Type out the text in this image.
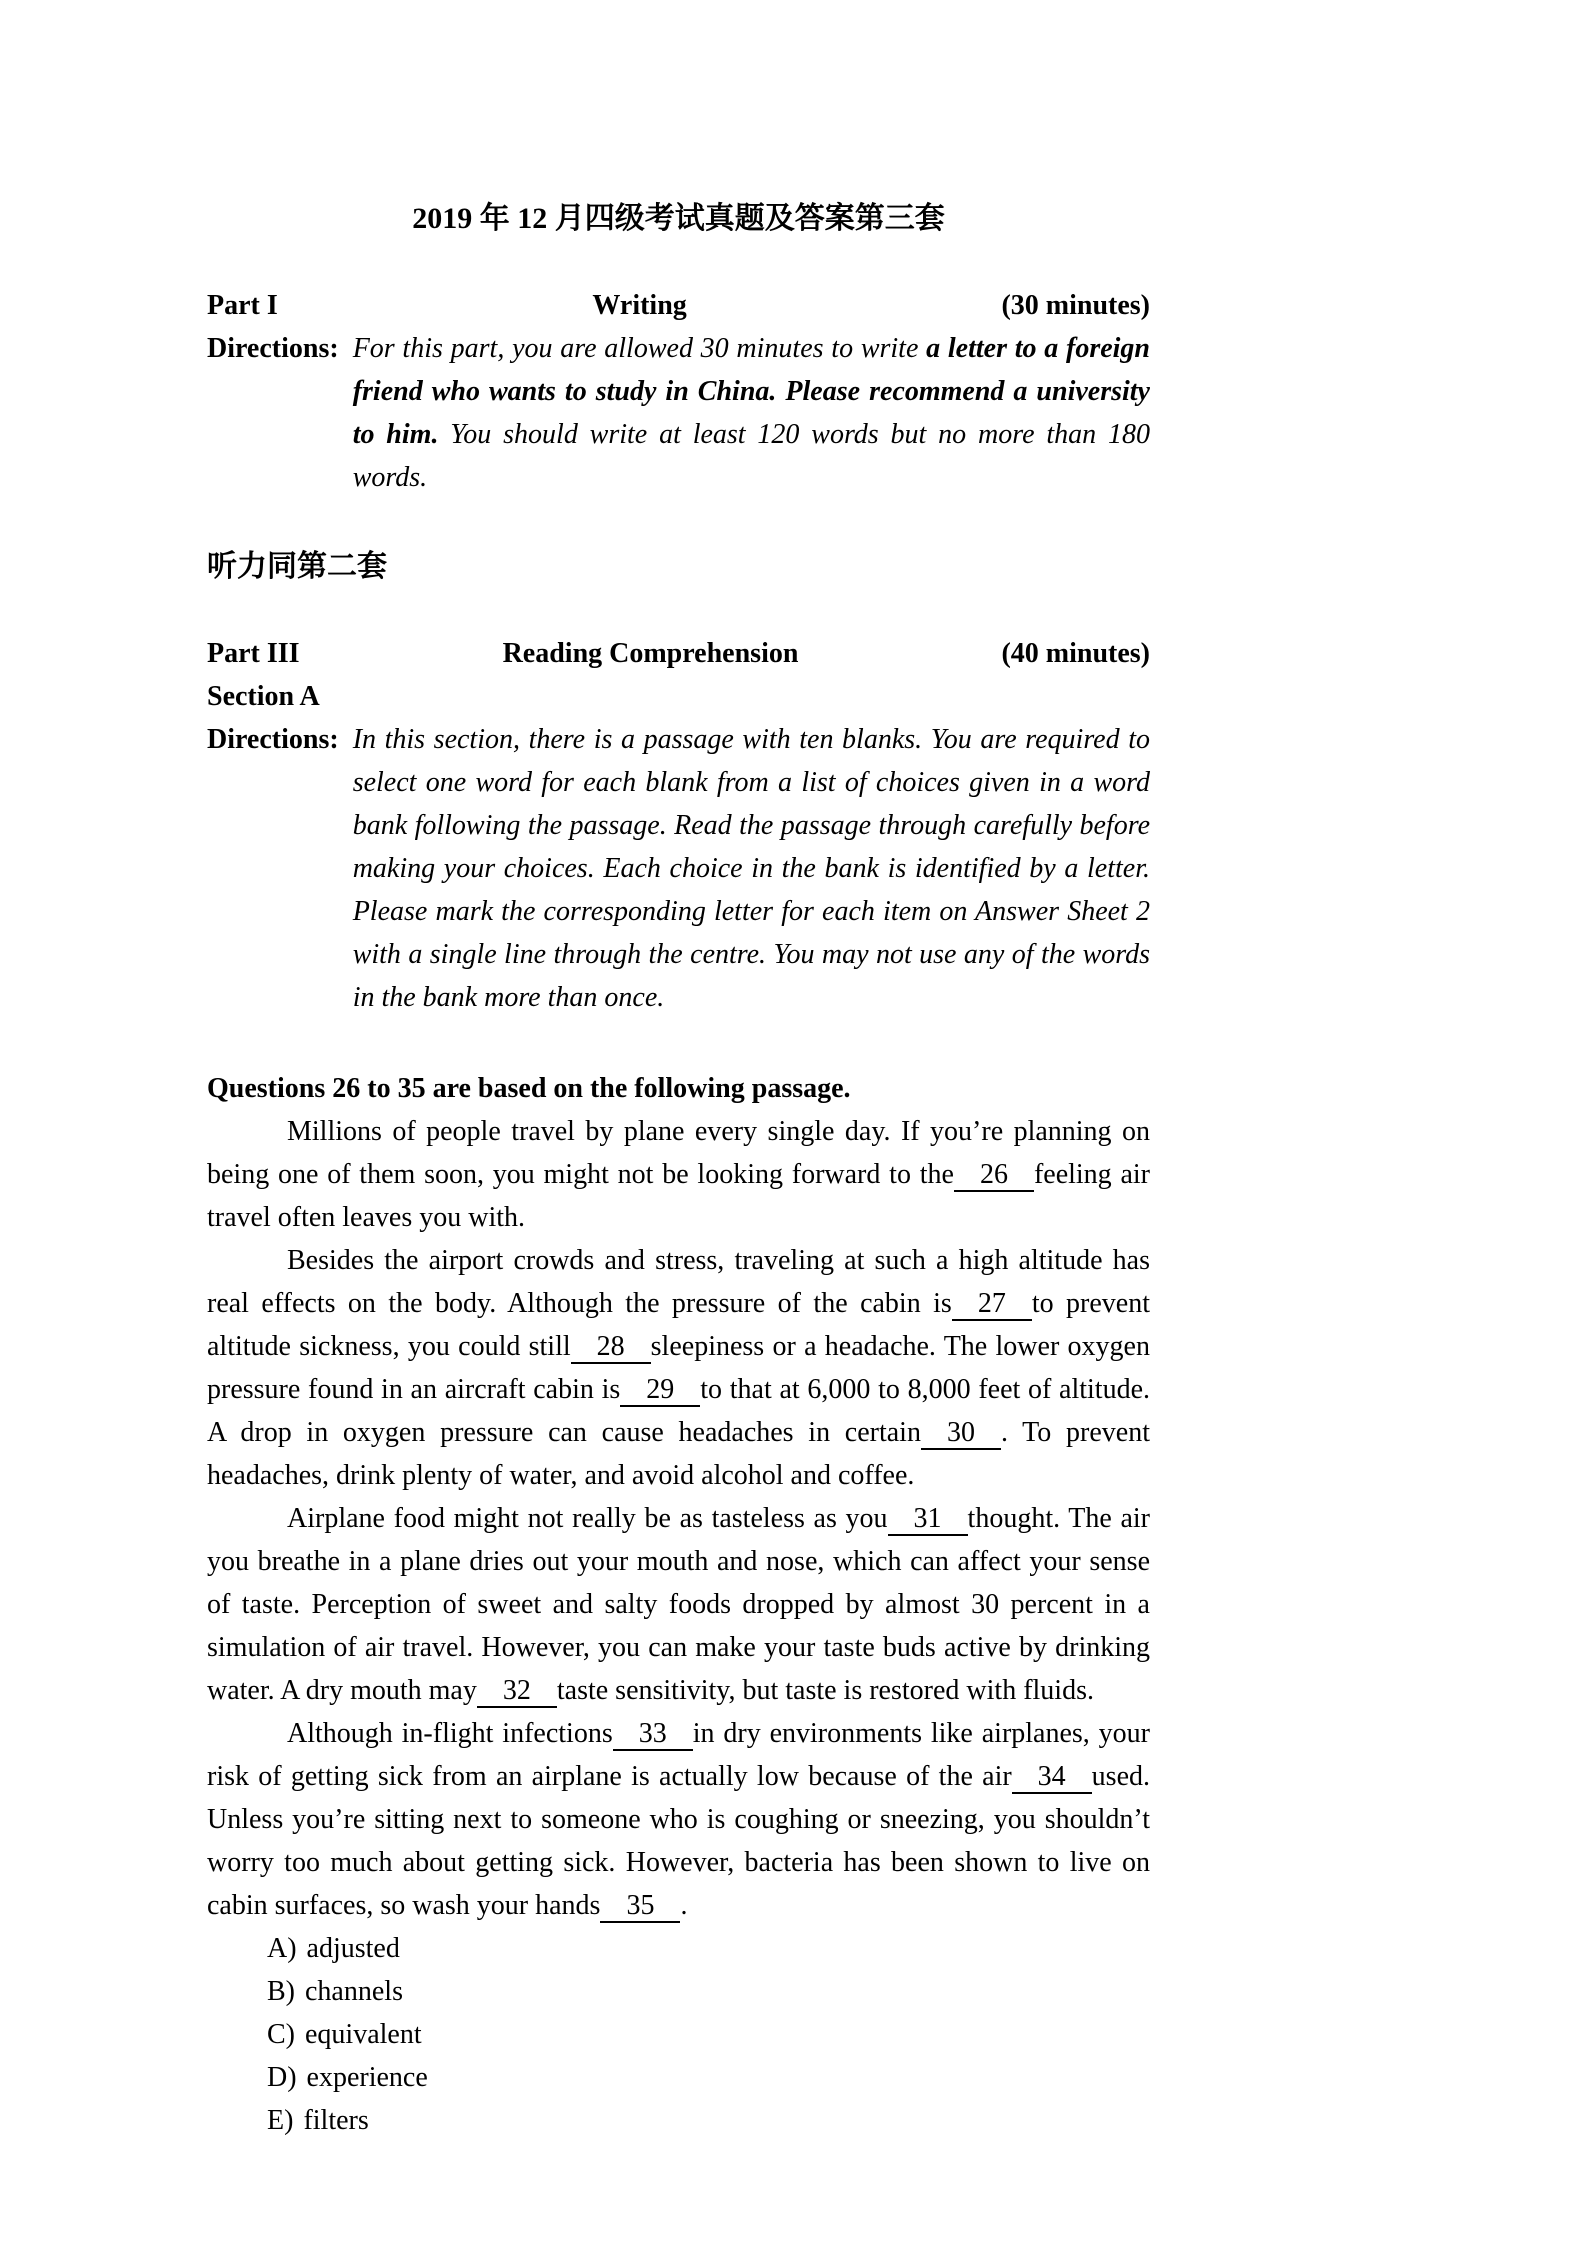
2019 年 12 月四级考试真题及答案第三套
Part I	Writing	(30 minutes)
Directions: For this part, you are allowed 30 minutes to write a letter to a foreign friend who wants to study in China. Please recommend a university to him. You should write at least 120 words but no more than 180 words.
听力同第二套
Part III	Reading Comprehension	(40 minutes)
Section A
Directions: In this section, there is a passage with ten blanks. You are required to select one word for each blank from a list of choices given in a word bank following the passage. Read the passage through carefully before making your choices. Each choice in the bank is identified by a letter. Please mark the corresponding letter for each item on Answer Sheet 2 with a single line through the centre. You may not use any of the words in the bank more than once.
Questions 26 to 35 are based on the following passage.

Millions of people travel by plane every single day. If you’re planning on being one of them soon, you might not be looking forward to the 26 feeling air travel often leaves you with.

Besides the airport crowds and stress, traveling at such a high altitude has real effects on the body. Although the pressure of the cabin is 27 to prevent altitude sickness, you could still 28 sleepiness or a headache. The lower oxygen pressure found in an aircraft cabin is 29 to that at 6,000 to 8,000 feet of altitude. A drop in oxygen pressure can cause headaches in certain 30 . To prevent headaches, drink plenty of water, and avoid alcohol and coffee.

Airplane food might not really be as tasteless as you 31 thought. The air you breathe in a plane dries out your mouth and nose, which can affect your sense of taste. Perception of sweet and salty foods dropped by almost 30 percent in a simulation of air travel. However, you can make your taste buds active by drinking water. A dry mouth may 32 taste sensitivity, but taste is restored with fluids.

Although in-flight infections 33 in dry environments like airplanes, your risk of getting sick from an airplane is actually low because of the air 34 used. Unless you’re sitting next to someone who is coughing or sneezing, you shouldn’t worry too much about getting sick. However, bacteria has been shown to live on cabin surfaces, so wash your hands 35 .

A) adjusted
B) channels
C) equivalent
D) experience
E) filters
